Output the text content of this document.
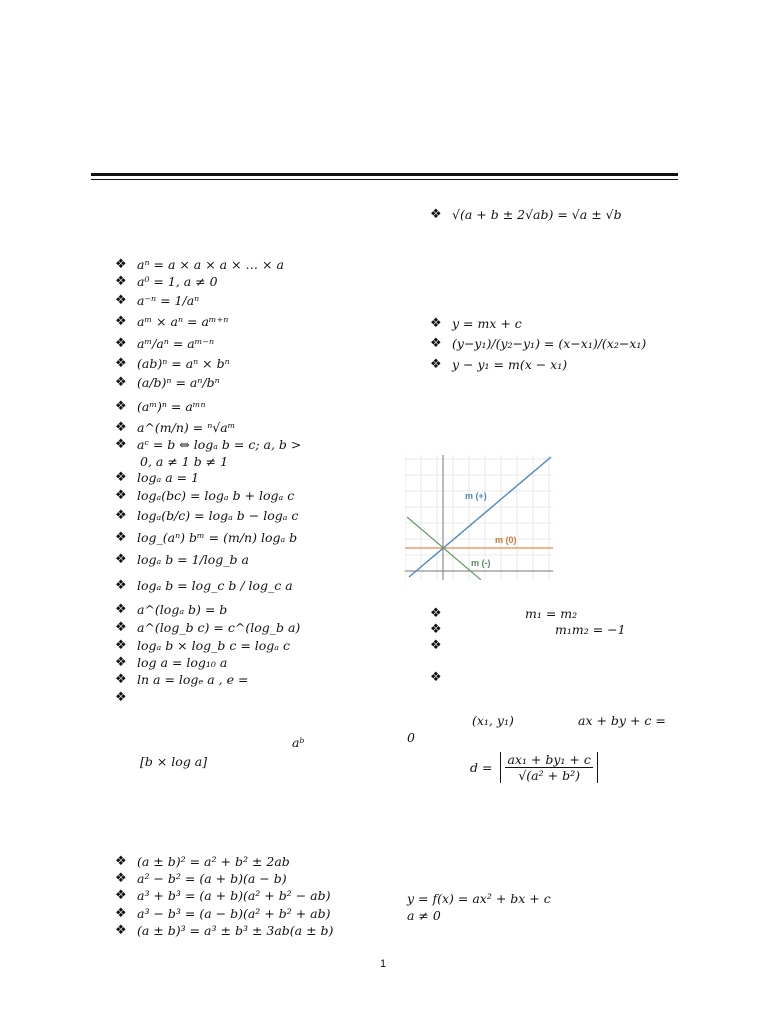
❖ aⁿ = a × a × a × … × a
❖ a⁰ = 1, a ≠ 0
❖ a⁻ⁿ = 1/aⁿ
❖ aᵐ × aⁿ = aᵐ⁺ⁿ
❖ aᵐ/aⁿ = aᵐ⁻ⁿ
❖ (ab)ⁿ = aⁿ × bⁿ
❖ (a/b)ⁿ = aⁿ/bⁿ
❖ (aᵐ)ⁿ = aᵐⁿ
❖ a^(m/n) = ⁿ√aᵐ
❖ aᶜ = b ⇔ logₐ b = c; a, b >
❖ logₐ a = 1
❖ logₐ(bc) = logₐ b + logₐ c
❖ logₐ(b/c) = logₐ b − logₐ c
❖ log_(aⁿ) bᵐ = (m/n) logₐ b
❖ logₐ b = 1/log_b a
❖ logₐ b = log_c b / log_c a
❖ a^(logₐ b) = b
❖ a^(log_b c) = c^(log_b a)
❖ logₐ b × log_b c = logₐ c
❖ log a = log₁₀ a
❖ ln a = logₑ a , e =
❖
0, a ≠ 1 b ≠ 1
aᵇ
[b × log a]
❖ (a ± b)² = a² + b² ± 2ab
❖ a² − b² = (a + b)(a − b)
❖ a³ + b³ = (a + b)(a² + b² − ab)
❖ a³ − b³ = (a − b)(a² + b² + ab)
❖ (a ± b)³ = a³ ± b³ ± 3ab(a ± b)
❖ √(a + b ± 2√ab) = √a ± √b
❖ y = mx + c
❖ (y−y₁)/(y₂−y₁) = (x−x₁)/(x₂−x₁)
❖ y − y₁ = m(x − x₁)
m (+)
m (0)
m (-)
❖	m₁ = m₂
❖	m₁m₂ = −1
❖
❖
(x₁, y₁)	ax + by + c =
0
$d = \frac{\text{ax₁ + by₁ + c}}{\text{√(a² + b²)}}$
y = f(x) = ax² + bx + c
a ≠ 0
1
